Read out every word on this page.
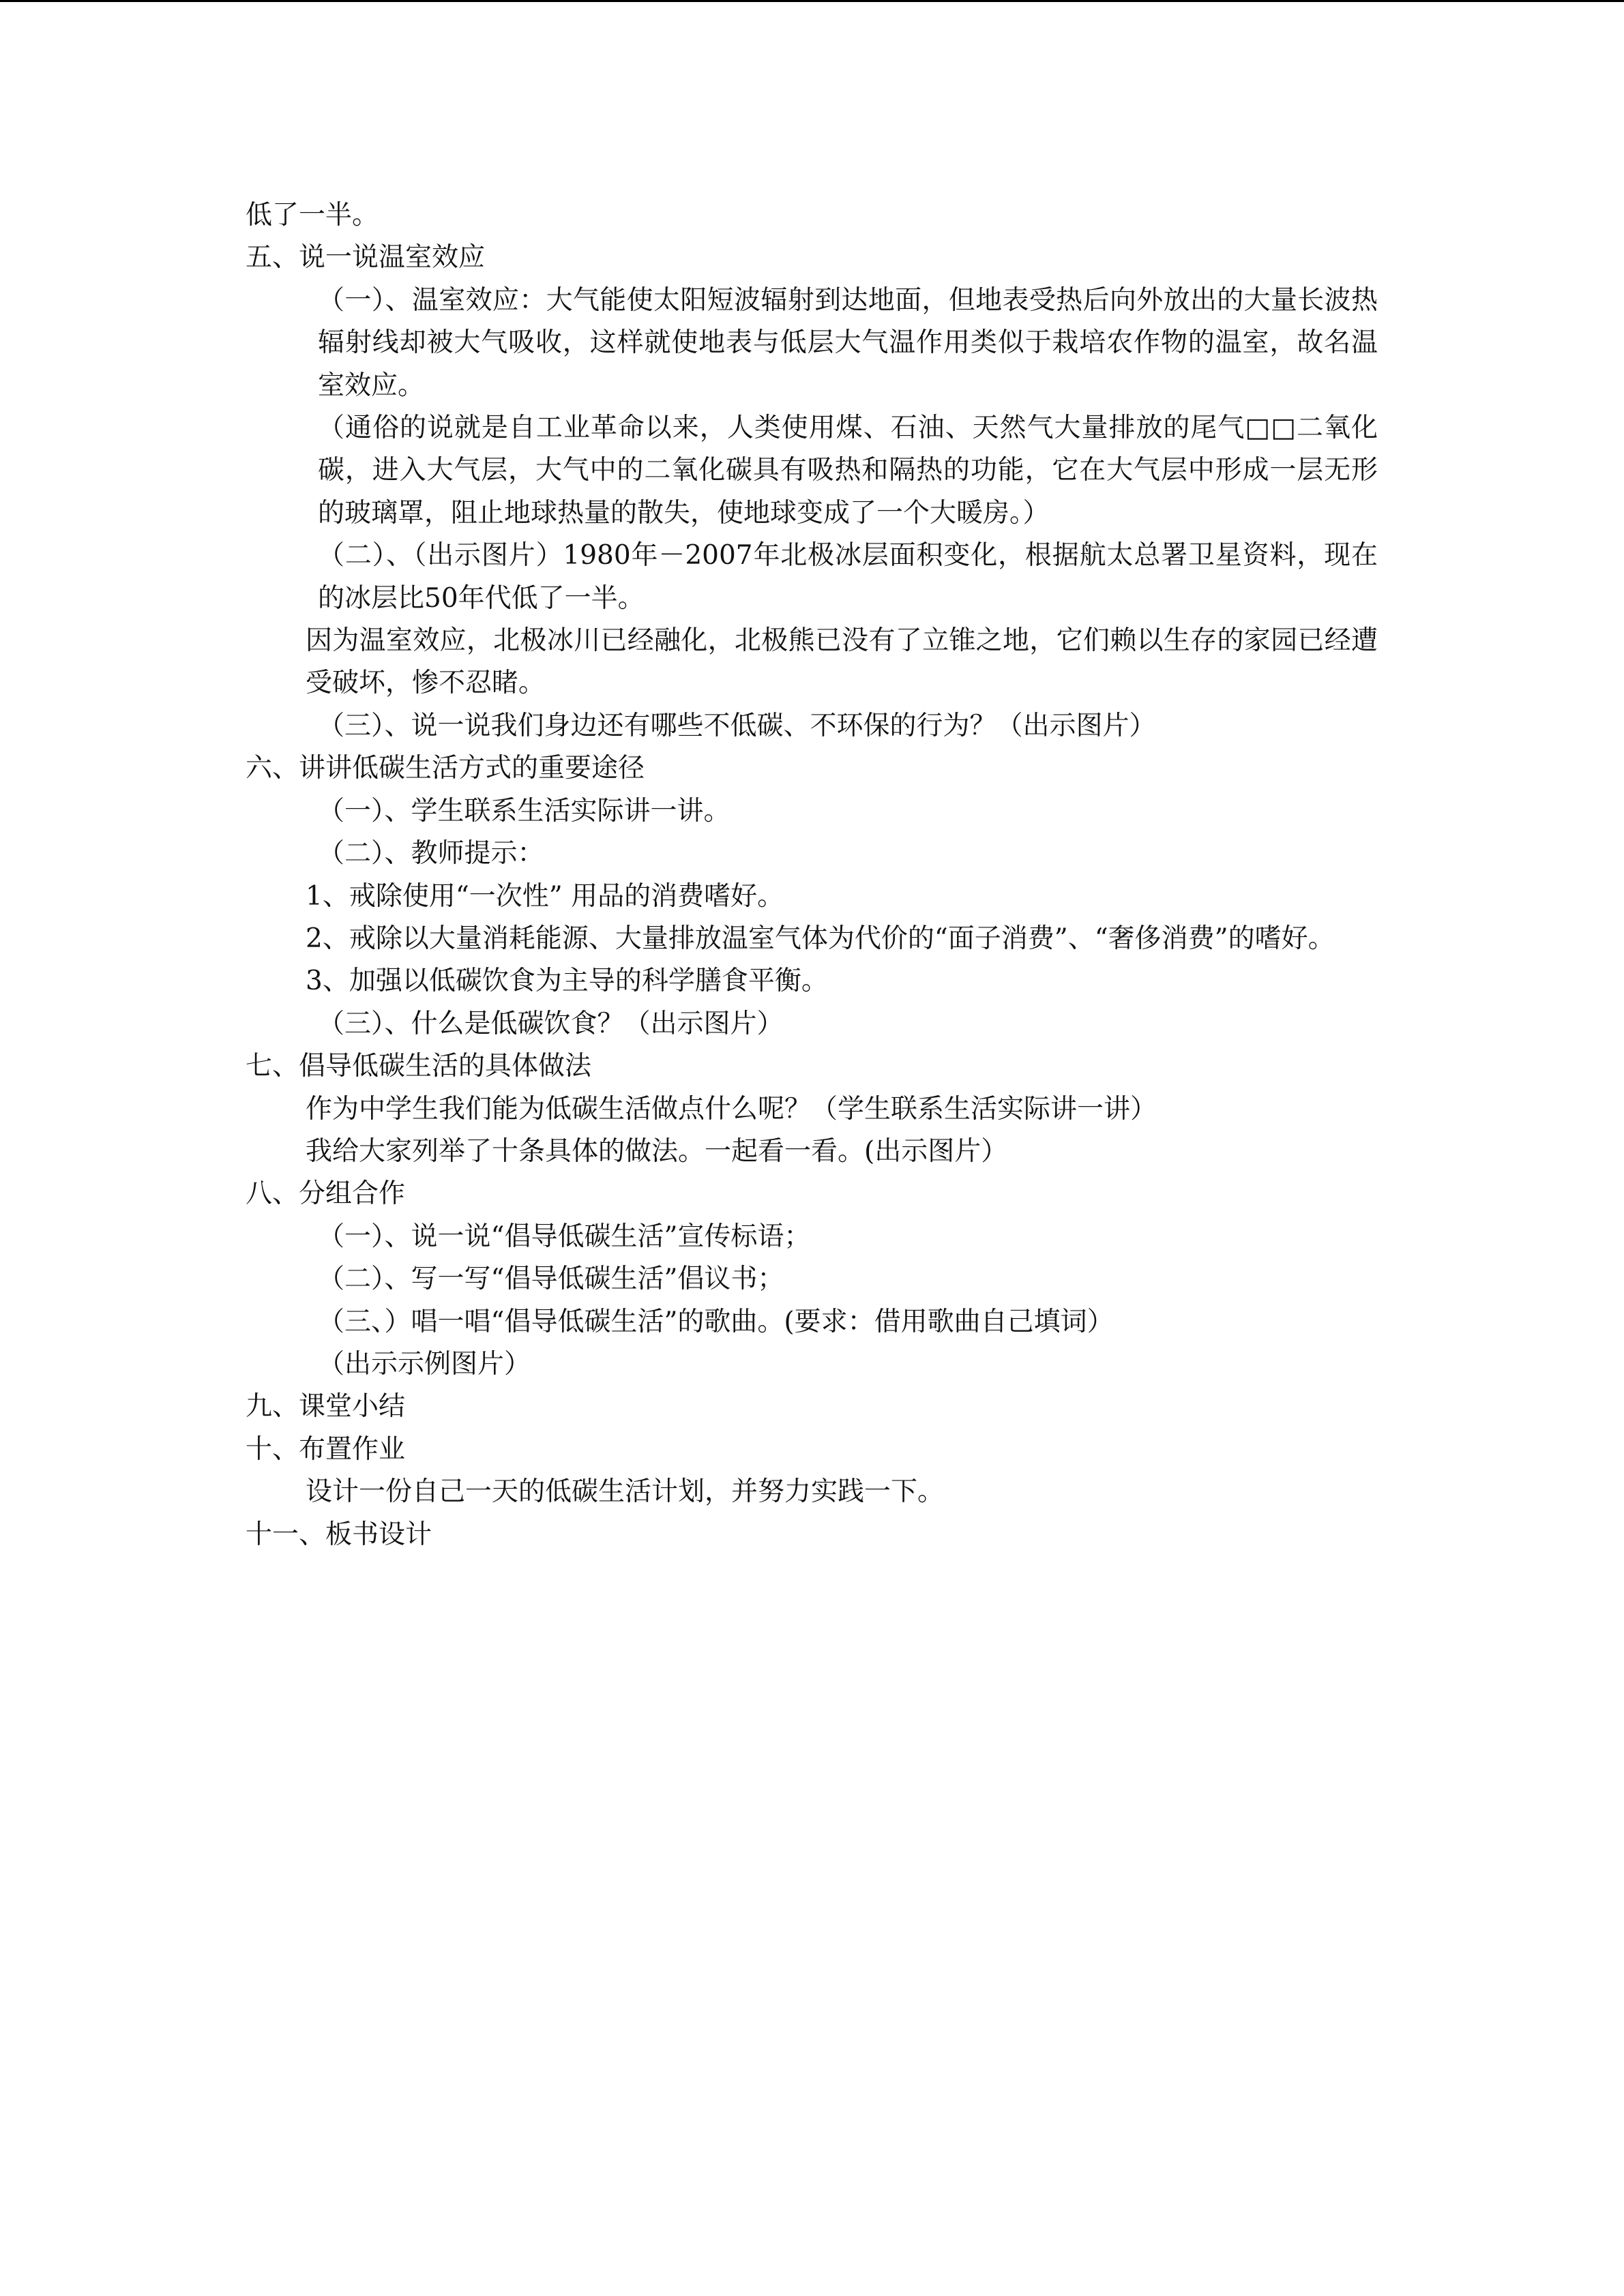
低了一半。

五、说一说温室效应

（一）、温室效应：大气能使太阳短波辐射到达地面，但地表受热后向外放出的大量长波热辐射线却被大气吸收，这样就使地表与低层大气温作用类似于栽培农作物的温室，故名温室效应。

（通俗的说就是自工业革命以来，人类使用煤、石油、天然气大量排放的尾气□□二氧化碳，进入大气层，大气中的二氧化碳具有吸热和隔热的功能，它在大气层中形成一层无形的玻璃罩，阻止地球热量的散失，使地球变成了一个大暖房。）

（二）、（出示图片）1980年－2007年北极冰层面积变化，根据航太总署卫星资料，现在的冰层比50年代低了一半。

因为温室效应，北极冰川已经融化，北极熊已没有了立锥之地，它们赖以生存的家园已经遭受破坏，惨不忍睹。

（三）、说一说我们身边还有哪些不低碳、不环保的行为？（出示图片）

六、讲讲低碳生活方式的重要途径

（一）、学生联系生活实际讲一讲。

（二）、教师提示：

1、戒除使用“一次性” 用品的消费嗜好。

2、戒除以大量消耗能源、大量排放温室气体为代价的“面子消费”、“奢侈消费”的嗜好。

3、加强以低碳饮食为主导的科学膳食平衡。

（三）、什么是低碳饮食？（出示图片）

七、倡导低碳生活的具体做法

作为中学生我们能为低碳生活做点什么呢？（学生联系生活实际讲一讲）

我给大家列举了十条具体的做法。一起看一看。(出示图片）

八、分组合作

（一）、说一说“倡导低碳生活”宣传标语；

（二）、写一写“倡导低碳生活”倡议书；

（三、）唱一唱“倡导低碳生活”的歌曲。(要求：借用歌曲自己填词）

（出示示例图片）

九、课堂小结

十、布置作业

设计一份自己一天的低碳生活计划，并努力实践一下。

十一、板书设计
